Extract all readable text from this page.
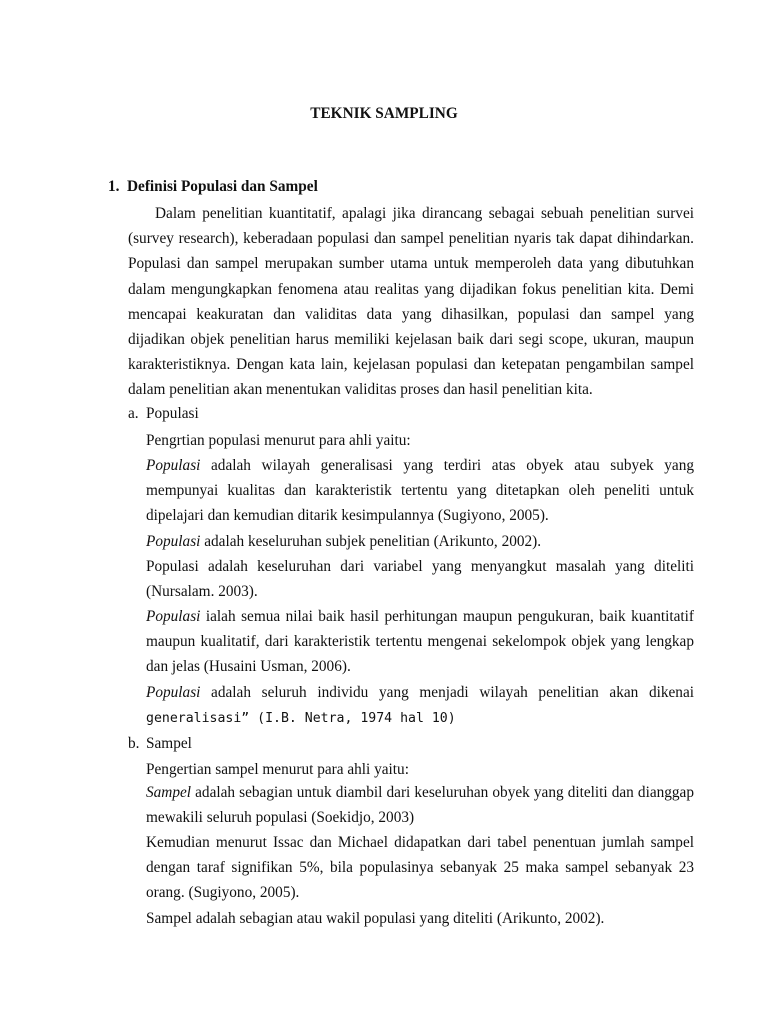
TEKNIK SAMPLING
1. Definisi Populasi dan Sampel
Dalam penelitian kuantitatif, apalagi jika dirancang sebagai sebuah penelitian survei (survey research), keberadaan populasi dan sampel penelitian nyaris tak dapat dihindarkan. Populasi dan sampel merupakan sumber utama untuk memperoleh data yang dibutuhkan dalam mengungkapkan fenomena atau realitas yang dijadikan fokus penelitian kita. Demi mencapai keakuratan dan validitas data yang dihasilkan, populasi dan sampel yang dijadikan objek penelitian harus memiliki kejelasan baik dari segi scope, ukuran, maupun karakteristiknya. Dengan kata lain, kejelasan populasi dan ketepatan pengambilan sampel dalam penelitian akan menentukan validitas proses dan hasil penelitian kita.
a. Populasi
Pengrtian populasi menurut para ahli yaitu:
Populasi adalah wilayah generalisasi yang terdiri atas obyek atau subyek yang mempunyai kualitas dan karakteristik tertentu yang ditetapkan oleh peneliti untuk dipelajari dan kemudian ditarik kesimpulannya (Sugiyono, 2005).
Populasi adalah keseluruhan subjek penelitian (Arikunto, 2002).
Populasi adalah keseluruhan dari variabel yang menyangkut masalah yang diteliti (Nursalam. 2003).
Populasi ialah semua nilai baik hasil perhitungan maupun pengukuran, baik kuantitatif maupun kualitatif, dari karakteristik tertentu mengenai sekelompok objek yang lengkap dan jelas (Husaini Usman, 2006).
Populasi adalah seluruh individu yang menjadi wilayah penelitian akan dikenai
generalisasi” (I.B. Netra, 1974 hal 10)
b. Sampel
Pengertian sampel menurut para ahli yaitu:
Sampel adalah sebagian untuk diambil dari keseluruhan obyek yang diteliti dan dianggap mewakili seluruh populasi (Soekidjo, 2003)
Kemudian menurut Issac dan Michael didapatkan dari tabel penentuan jumlah sampel dengan taraf signifikan 5%, bila populasinya sebanyak 25 maka sampel sebanyak 23 orang. (Sugiyono, 2005).
Sampel adalah sebagian atau wakil populasi yang diteliti (Arikunto, 2002).
